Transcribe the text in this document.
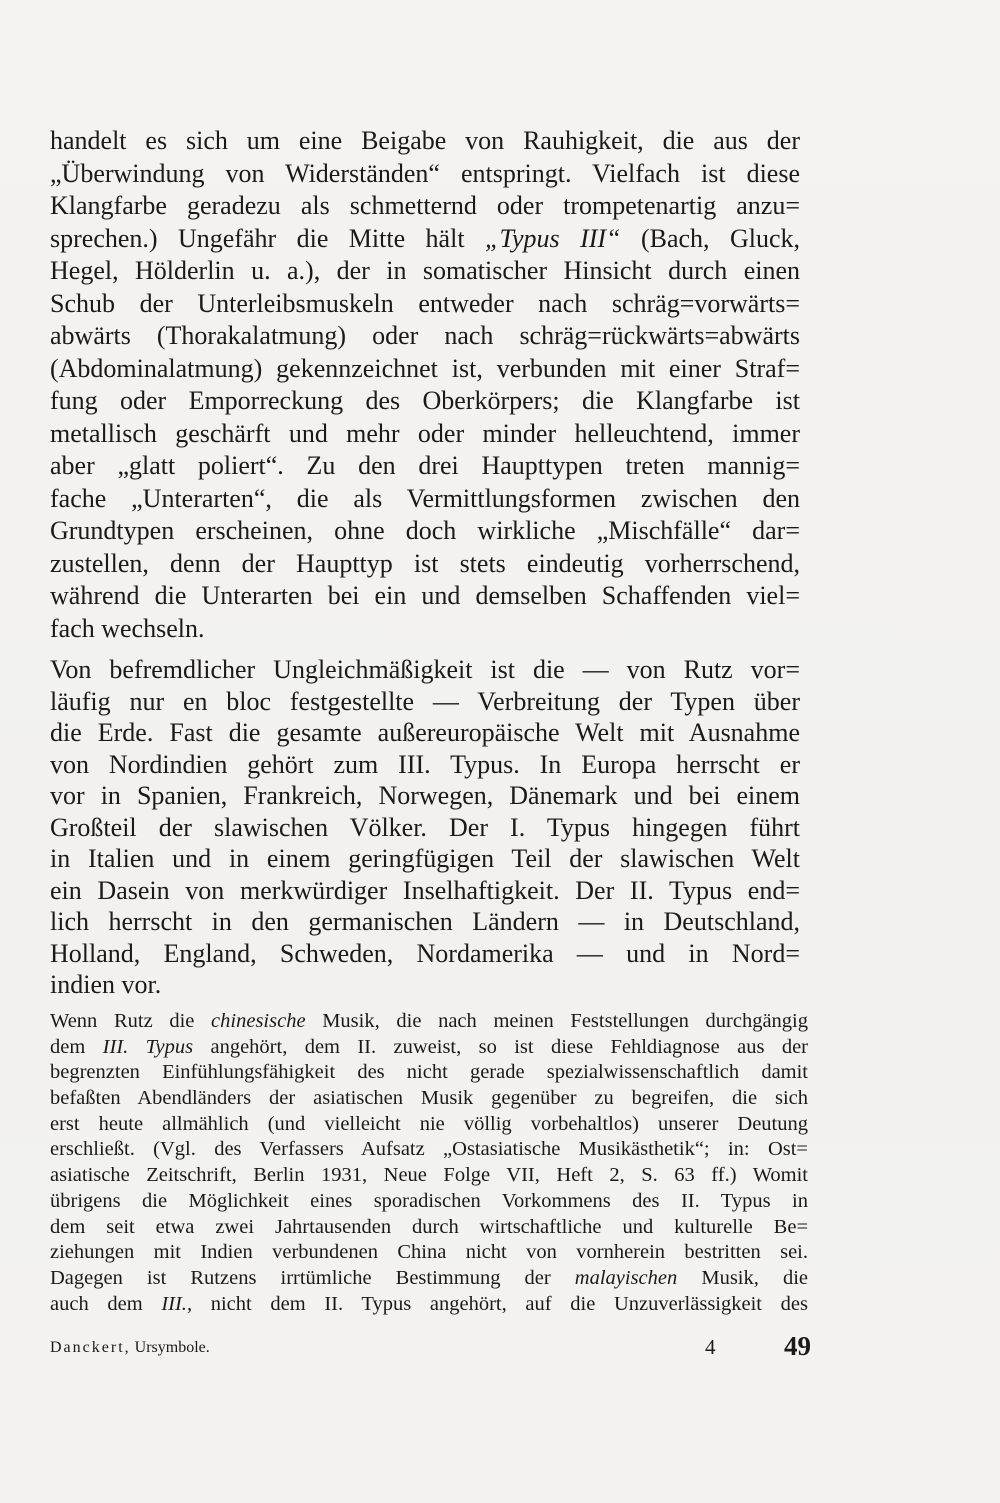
handelt es sich um eine Beigabe von Rauhigkeit, die aus der
„Überwindung von Widerständen“ entspringt. Vielfach ist diese
Klangfarbe geradezu als schmetternd oder trompetenartig anzu=
sprechen.) Ungefähr die Mitte hält „Typus III“ (Bach, Gluck,
Hegel, Hölderlin u. a.), der in somatischer Hinsicht durch einen
Schub der Unterleibsmuskeln entweder nach schräg=vorwärts=
abwärts (Thorakalatmung) oder nach schräg=rückwärts=abwärts
(Abdominalatmung) gekennzeichnet ist, verbunden mit einer Straf=
fung oder Emporreckung des Oberkörpers; die Klangfarbe ist
metallisch geschärft und mehr oder minder helleuchtend, immer
aber „glatt poliert“. Zu den drei Haupttypen treten mannig=
fache „Unterarten“, die als Vermittlungsformen zwischen den
Grundtypen erscheinen, ohne doch wirkliche „Mischfälle“ dar=
zustellen, denn der Haupttyp ist stets eindeutig vorherrschend,
während die Unterarten bei ein und demselben Schaffenden viel=
fach wechseln.
Von befremdlicher Ungleichmäßigkeit ist die — von Rutz vor=
läufig nur en bloc festgestellte — Verbreitung der Typen über
die Erde. Fast die gesamte außereuropäische Welt mit Ausnahme
von Nordindien gehört zum III. Typus. In Europa herrscht er
vor in Spanien, Frankreich, Norwegen, Dänemark und bei einem
Großteil der slawischen Völker. Der I. Typus hingegen führt
in Italien und in einem geringfügigen Teil der slawischen Welt
ein Dasein von merkwürdiger Inselhaftigkeit. Der II. Typus end=
lich herrscht in den germanischen Ländern — in Deutschland,
Holland, England, Schweden, Nordamerika — und in Nord=
indien vor.
Wenn Rutz die chinesische Musik, die nach meinen Feststellungen durchgängig
dem III. Typus angehört, dem II. zuweist, so ist diese Fehldiagnose aus der
begrenzten Einfühlungsfähigkeit des nicht gerade spezialwissenschaftlich damit
befaßten Abendländers der asiatischen Musik gegenüber zu begreifen, die sich
erst heute allmählich (und vielleicht nie völlig vorbehaltlos) unserer Deutung
erschließt. (Vgl. des Verfassers Aufsatz „Ostasiatische Musikästhetik“; in: Ost=
asiatische Zeitschrift, Berlin 1931, Neue Folge VII, Heft 2, S. 63 ff.) Womit
übrigens die Möglichkeit eines sporadischen Vorkommens des II. Typus in
dem seit etwa zwei Jahrtausenden durch wirtschaftliche und kulturelle Be=
ziehungen mit Indien verbundenen China nicht von vornherein bestritten sei.
Dagegen ist Rutzens irrtümliche Bestimmung der malayischen Musik, die
auch dem III., nicht dem II. Typus angehört, auf die Unzuverlässigkeit des
Danckert, Ursymbole.	4	49
